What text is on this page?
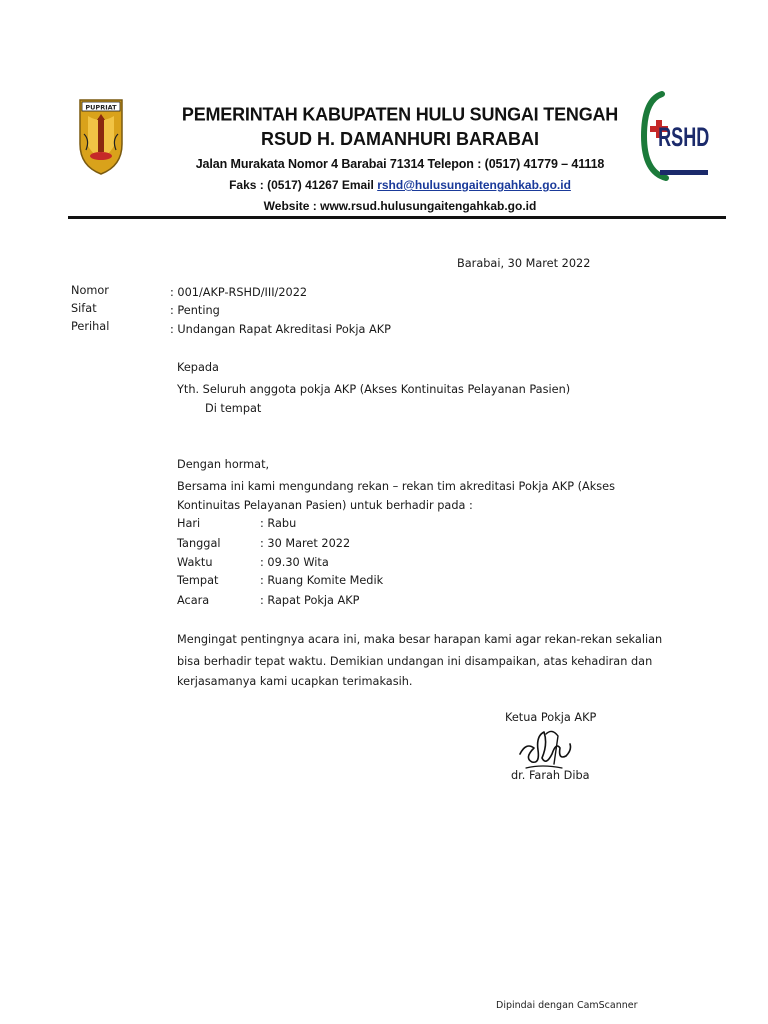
PUPRIAT	PEMERINTAH KABUPATEN HULU SUNGAI TENGAH
RSUD H. DAMANHURI BARABAI
Jalan Murakata Nomor 4 Barabai 71314 Telepon : (0517) 41779 – 41118
Faks : (0517) 41267 Email rshd@hulusungaitengahkab.go.id
Website : www.rsud.hulusungaitengahkab.go.id
RSHD
Barabai, 30 Maret 2022
Nomor	: 001/AKP-RSHD/III/2022
Sifat	: Penting
Perihal	: Undangan Rapat Akreditasi Pokja AKP
Kepada
Yth. Seluruh anggota pokja AKP (Akses Kontinuitas Pelayanan Pasien)
Di tempat
Dengan hormat,
Bersama ini kami mengundang rekan – rekan tim akreditasi Pokja AKP (Akses
Kontinuitas Pelayanan Pasien) untuk berhadir pada :
Hari	: Rabu
Tanggal	: 30 Maret 2022
Waktu	: 09.30 Wita
Tempat	: Ruang Komite Medik
Acara	: Rapat Pokja AKP
Mengingat pentingnya acara ini, maka besar harapan kami agar rekan-rekan sekalian
bisa berhadir tepat waktu. Demikian undangan ini disampaikan, atas kehadiran dan
kerjasamanya kami ucapkan terimakasih.
Ketua Pokja AKP
dr. Farah Diba
Dipindai dengan CamScanner
